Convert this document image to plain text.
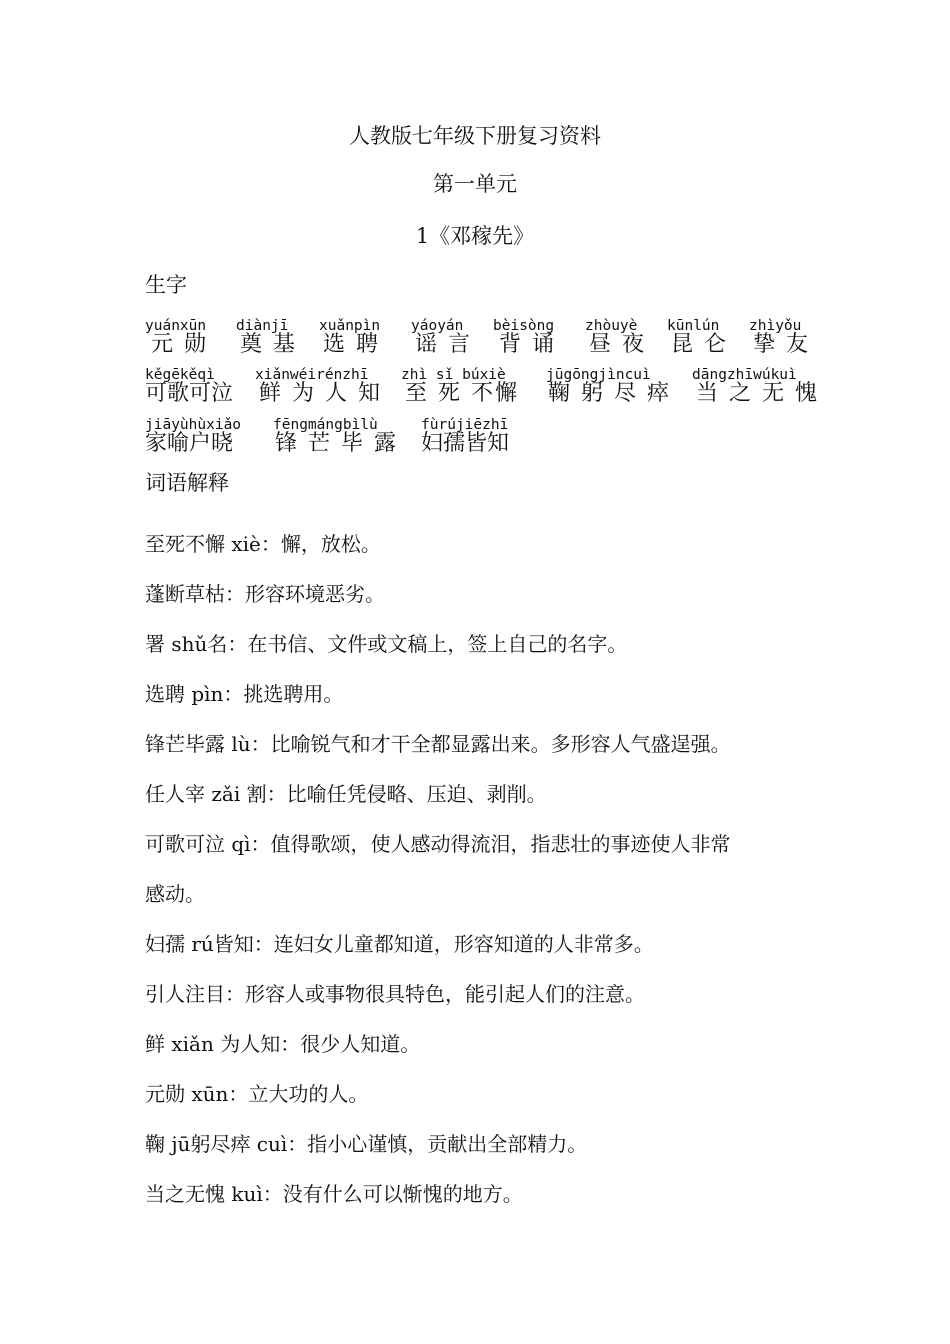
人教版七年级下册复习资料
第一单元
1《邓稼先》
生字
yuánxūn
元 勋
diànjī
奠 基
xuǎnpìn
选 聘
yáoyán
谣 言
bèisòng
背 诵
zhòuyè
昼 夜
kūnlún
昆 仑
zhìyǒu
挚 友
kěgēkěqì
可歌可泣
xiǎnwéirénzhī
鲜 为 人 知
zhì sǐ búxiè
至 死 不懈
jūgōngjìncuì
鞠 躬 尽 瘁
dāngzhīwúkuì
当 之 无 愧
jiāyùhùxiǎo
家喻户晓
fēngmángbìlù
锋 芒 毕 露
fùrújiēzhī
妇孺皆知
词语解释

至死不懈 xiè：懈，放松。

蓬断草枯：形容环境恶劣。

署 shǔ名：在书信、文件或文稿上，签上自己的名字。

选聘 pìn：挑选聘用。

锋芒毕露 lù：比喻锐气和才干全都显露出来。多形容人气盛逞强。

任人宰 zǎi 割：比喻任凭侵略、压迫、剥削。

可歌可泣 qì：值得歌颂，使人感动得流泪，指悲壮的事迹使人非常

感动。

妇孺 rú皆知：连妇女儿童都知道，形容知道的人非常多。

引人注目：形容人或事物很具特色，能引起人们的注意。

鲜 xiǎn 为人知：很少人知道。

元勋 xūn：立大功的人。

鞠 jū躬尽瘁 cuì：指小心谨慎，贡献出全部精力。

当之无愧 kuì：没有什么可以惭愧的地方。
